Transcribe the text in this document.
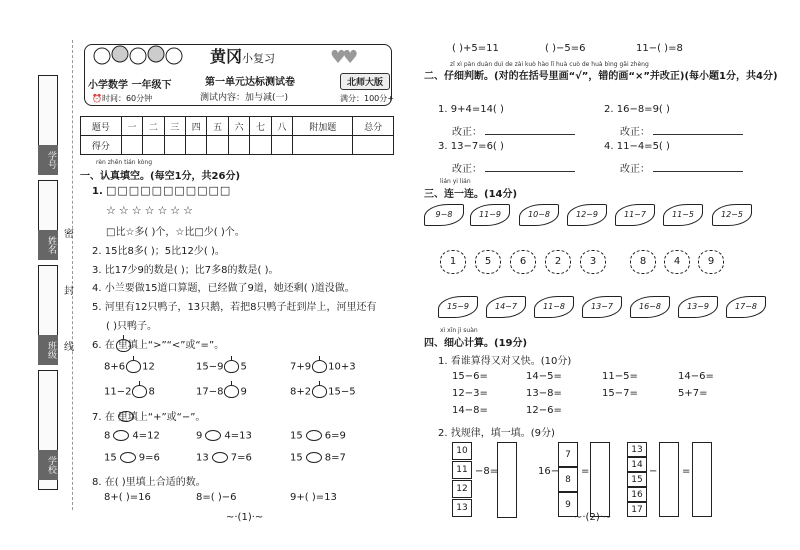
学号
姓名
班级
学校
密
封
线
黄冈小复习	♥♥
小学数学 一年级下	第一单元达标测试卷	北师大版
⏰时间：60分钟	测试内容：加与减(一)	满分：100分+
题号	一	二	三	四	五	六	七	八	附加题	总分
得分										
rèn zhēn tián kòng
一、认真填空。(每空1分，共26分)
1. □□□□□□□□□□□
☆☆☆☆☆☆☆
□比☆多( )个，☆比□少( )个。
2. 15比8多( )；5比12少( )。
3. 比17少9的数是( )；比7多8的数是( )。
4. 小兰要做15道口算题，已经做了9道，她还剩( )道没做。
5. 河里有12只鸭子，13只鹅，若把8只鸭子赶到岸上，河里还有
( )只鸭子。
6. 在 里填上“>”“<”或“=”。
8+6 12	15−9 5	7+9 10+3
11−2 8	17−8 9	8+2 15−5
7. 在 里填上“+”或“−”。
8 4=12	9 4=13	15 6=9
15 9=6	13 7=6	15 8=7
8. 在( )里填上合适的数。
8+( )=16	8=( )−6	9+( )=13
~·(1)·~
( )+5=11	( )−5=6	11−( )=8
zǐ xì pàn duàn duì de zài kuò hào lǐ huà cuò de huà bìng gǎi zhèng
二、仔细判断。(对的在括号里画“√”，错的画“×”并改正)(每小题1分，共4分)
1. 9+4=14( )	2. 16−8=9( )
改正：	改正：
3. 13−7=6( )	4. 11−4=5( )
改正：	改正：
lián yi lián
三、连一连。(14分)
9−8	11−9	10−8	12−9	11−7	11−5	12−5
1	5	6	2	3	8	4	9
15−9	14−7	11−8	13−7	16−8	13−9	17−8
xì xīn jì suàn
四、细心计算。(19分)
1. 看谁算得又对又快。(10分)
15−6=	14−5=	11−5=	14−6=
12−3=	13−8=	15−7=	5+7=
14−8=	12−6=
2. 找规律，填一填。(9分)
10
11
12
13
−8=	16−
7
8
9
=
13
14
15
16
17
− =
~·(2)·~
